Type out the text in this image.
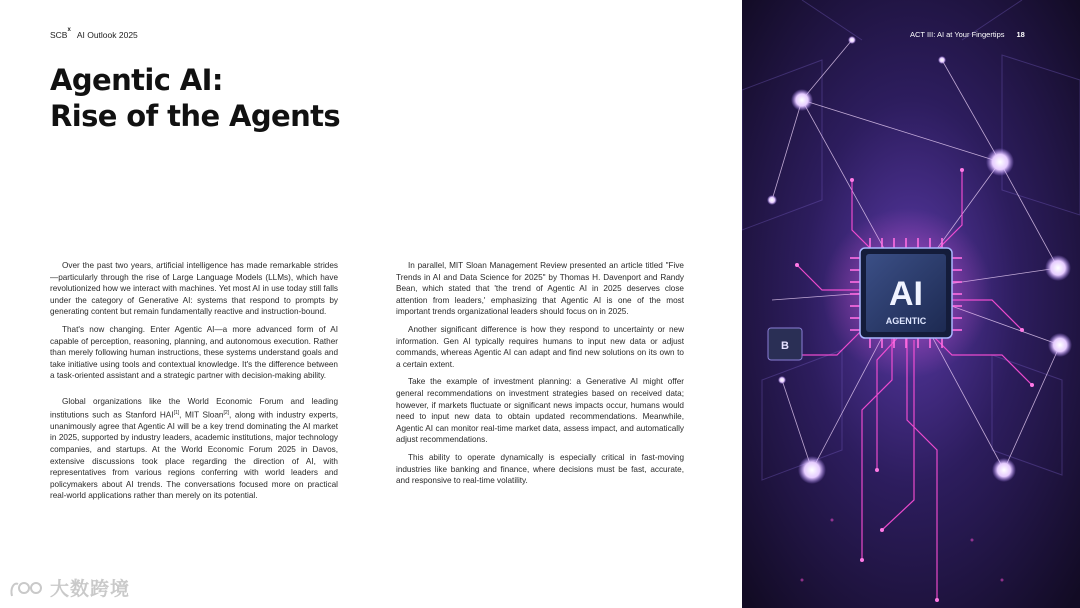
SCB$^x$ AI Outlook 2025
Agentic AI:
Rise of the Agents

Over the past two years, artificial intelligence has made remarkable strides—particularly through the rise of Large Language Models (LLMs), which have revolutionized how we interact with machines. Yet most AI in use today still falls under the category of Generative AI: systems that respond to prompts by generating content but remain fundamentally reactive and instruction-bound.

That's now changing. Enter Agentic AI—a more advanced form of AI capable of perception, reasoning, planning, and autonomous execution. Rather than merely following human instructions, these systems understand goals and take initiative using tools and contextual knowledge. It's the difference between a task-oriented assistant and a strategic partner with decision-making ability.

Global organizations like the World Economic Forum and leading institutions such as Stanford HAI[1], MIT Sloan[2], along with industry experts, unanimously agree that Agentic AI will be a key trend dominating the AI market in 2025, supported by industry leaders, academic institutions, major technology companies, and startups. At the World Economic Forum 2025 in Davos, extensive discussions took place regarding the direction of AI, with representatives from various regions conferring with world leaders and policymakers about AI trends. The conversations focused more on practical real-world applications rather than merely on its potential.

In parallel, MIT Sloan Management Review presented an article titled "Five Trends in AI and Data Science for 2025" by Thomas H. Davenport and Randy Bean, which stated that 'the trend of Agentic AI in 2025 deserves close attention from leaders,' emphasizing that Agentic AI is one of the most important trends organizational leaders should focus on in 2025.

Another significant difference is how they respond to uncertainty or new information. Gen AI typically requires humans to input new data or adjust commands, whereas Agentic AI can adapt and find new solutions on its own to a certain extent.

Take the example of investment planning: a Generative AI might offer general recommendations on investment strategies based on received data; however, if markets fluctuate or significant news impacts occur, humans would need to input new data to obtain updated recommendations. Meanwhile, Agentic AI can monitor real-time market data, assess impact, and automatically adjust recommendations.

This ability to operate dynamically is especially critical in fast-moving industries like banking and finance, where decisions must be fast, accurate, and responsive to real-time volatility.

B
AI
AGENTIC
ACT III: AI at Your Fingertips 18
大数跨境
